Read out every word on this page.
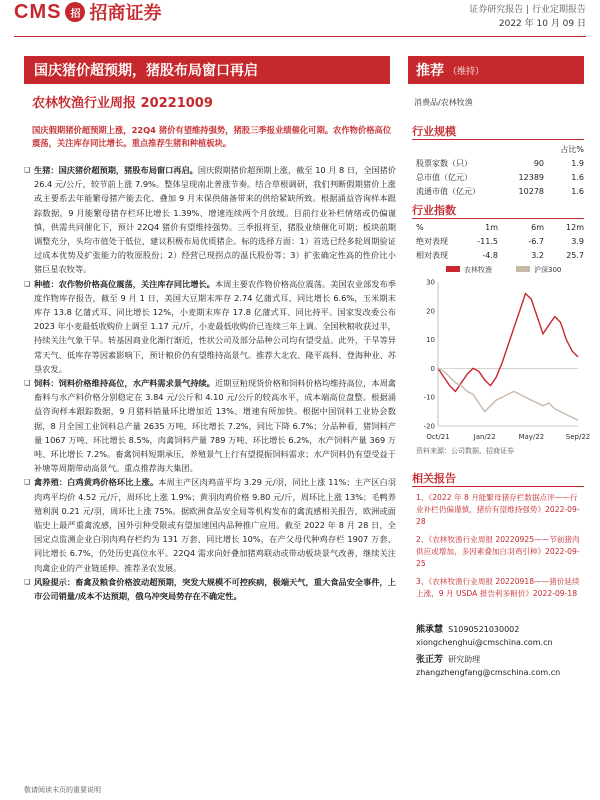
CMS 招 招商证券	证券研究报告 | 行业定期报告
2022 年 10 月 09 日
国庆猪价超预期，猪股布局窗口再启	推荐 （维持）
农林牧渔行业周报 20221009	消费品/农林牧渔
国庆假期猪价超预期上涨，22Q4 猪价有望维持强势，猪股三季报业绩催化可期。农作物价格高位震荡，关注库存同比增长。重点推荐生猪和种植板块。
❑ 生猪：国庆猪价超预期，猪股布局窗口再启。国庆假期猪价超预期上涨，截至 10 月 8 日，全国猪价 26.4 元/公斤，较节前上涨 7.9%。整体呈现南北普涨节奏。结合草根调研，我们判断假期猪价上涨或主要系去年能繁母猪产能去化、叠加 9 月末保供储备带来的供给紧缺所致。根据涌益咨询样本跟踪数据，9 月能繁母猪存栏环比增长 1.39%、增速连续两个月放缓。目前行业补栏情绪或仍偏谨慎，供需共同催化下，预计 22Q4 猪价有望维持强势。三季报将至，猪股业绩催化可期；板块前期调整充分，头均市值处于低位，建议积极布局优质猪企。标的选择方面：1）首选已经多轮周期验证过成本优势及扩张能力的牧原股份；2）经营已现拐点的温氏股份等；3）扩张确定性高的性价比小猪巨星农牧等。
❑ 种植：农作物价格高位震荡，关注库存同比增长。本周主要农作物价格高位震荡。美国农业部发布季度作物库存报告，截至 9 月 1 日，美国大豆期末库存 2.74 亿蒲式耳、同比增长 6.6%，玉米期末库存 13.8 亿蒲式耳、同比增长 12%，小麦期末库存 17.8 亿蒲式耳、同比持平。国家发改委公布 2023 年小麦最低收购价上调至 1.17 元/斤，小麦最低收购价已连续三年上调。全国秋粮收获过半，持续关注气象干旱。转基因商业化渐行渐近，性状公司及部分品种公司均有望受益。此外，干旱等异常天气、低库存等因素影响下，预计粮价仍有望维持高景气。推荐大北农、隆平高科、登海种业、苏垦农发。
❑ 饲料：饲料价格维持高位，水产料需求景气持续。近期豆粕现货价格和饲料价格均维持高位，本周禽畜料与水产料价格分别稳定在 3.84 元/公斤和 4.10 元/公斤的较高水平，成本端高位盘整。根据涌益咨询样本跟踪数据，9 月猪料销量环比增加近 13%、增速有所加快。根据中国饲料工业协会数据，8 月全国工业饲料总产量 2635 万吨，环比增长 7.2%，同比下降 6.7%；分品种看，猪饲料产量 1067 万吨、环比增长 8.5%，肉禽饲料产量 789 万吨、环比增长 6.2%，水产饲料产量 369 万吨、环比增长 7.2%。畜禽饲料短期承压，养殖景气上行有望提振饲料需求；水产饲料仍有望受益于补塘等周期带动高景气。重点推荐海大集团。
❑ 禽养殖：白鸡黄鸡价格环比上涨。本周主产区肉鸡苗平均 3.29 元/羽，同比上涨 11%；主产区白羽肉鸡平均价 4.52 元/斤，周环比上涨 1.9%；黄羽肉鸡价格 9.80 元/斤，周环比上涨 13%；毛鸭养殖利润 0.21 元/羽，周环比上涨 75%。据欧洲食品安全局等机构发布的禽流感相关报告，欧洲或面临史上最严重禽流感，国外引种受限或有望加速国内品种推广应用。截至 2022 年 8 月 28 日，全国定点监测企业白羽肉鸡存栏约为 131 万套、同比增长 10%，在产父母代种鸡存栏 1907 万套、同比增长 6.7%，仍处历史高位水平。22Q4 需求向好叠加猪鸡联动或带动板块景气改善，继续关注肉禽企业的产业链延伸。推荐圣农发展。
❑ 风险提示：畜禽及粮食价格波动超预期，突发大规模不可控疾病，极端天气，重大食品安全事件，上市公司销量/成本不达预期，俄乌冲突局势存在不确定性。
行业规模
占比%
股票家数（只）	90	1.9
总市值（亿元）	12389	1.6
流通市值（亿元）	10278	1.6
行业指数
%	1m	6m	12m
绝对表现	-11.5	-6.7	3.9
相对表现	-4.8	3.2	25.7
农林牧渔	沪深300
30
20
10
0
-10
-20
Oct/21	Jan/22	May/22	Sep/22
资料来源：公司数据、招商证券
相关报告
1、《2022 年 8 月能繁母猪存栏数据点评——行业补栏仍偏谨慎，猪价有望维持强势》2022-09-28
2、《农林牧渔行业周报 20220925——节前猪肉供应或增加，多因素叠加白羽鸡引种》2022-09-25
3、《农林牧渔行业周报 20220918——猪价延续上涨，9 月 USDA 报告利多粮价》2022-09-18
熊承慧 S1090521030002
xiongchenghui@cmschina.com.cn
张正芳 研究助理
zhangzhengfang@cmschina.com.cn
敬请阅读末页的重要说明
